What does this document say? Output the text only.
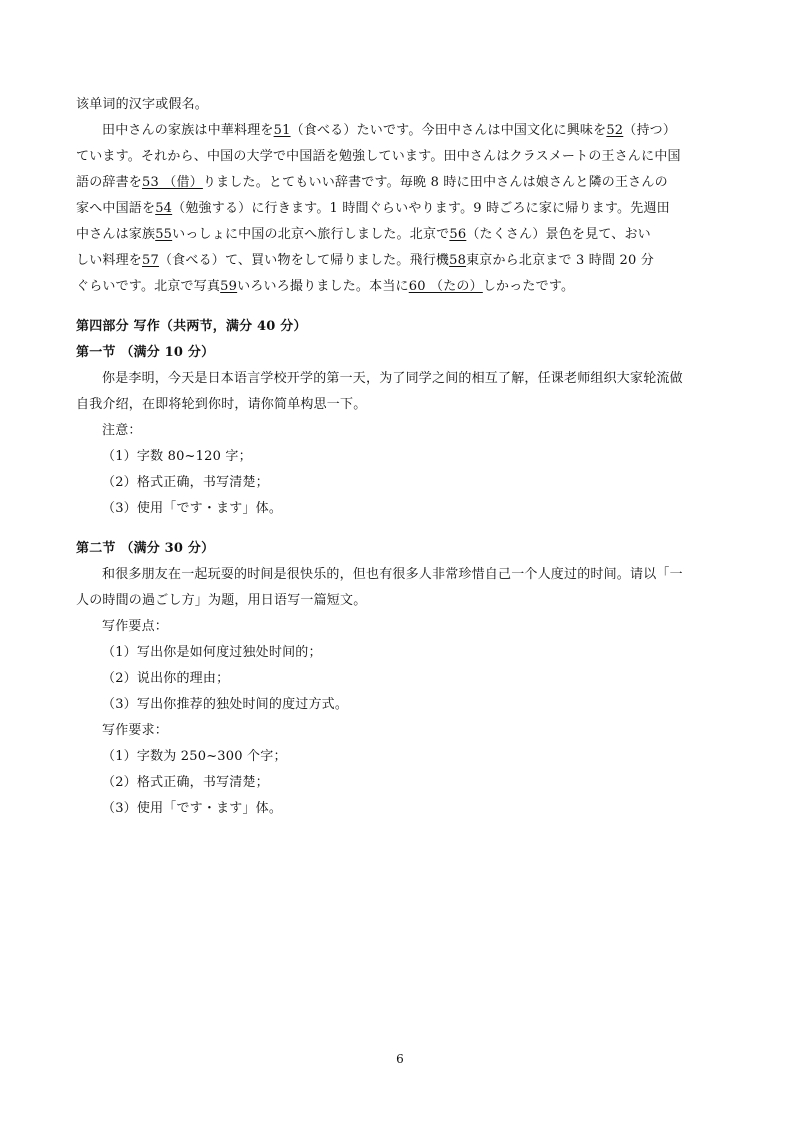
该单词的汉字或假名。
田中さんの家族は中華料理を51（食べる）たいです。今田中さんは中国文化に興味を52（持つ）
ています。それから、中国の大学で中国語を勉強しています。田中さんはクラスメートの王さんに中国
語の辞書を53 （借）りました。とてもいい辞書です。毎晩 8 時に田中さんは娘さんと隣の王さんの
家へ中国語を54（勉強する）に行きます。1 時間ぐらいやります。9 時ごろに家に帰ります。先週田
中さんは家族55いっしょに中国の北京へ旅行しました。北京で56（たくさん）景色を見て、おい
しい料理を57（食べる）て、買い物をして帰りました。飛行機58東京から北京まで 3 時間 20 分
ぐらいです。北京で写真59いろいろ撮りました。本当に60 （たの）しかったです。
第四部分 写作（共两节，满分 40 分）
第一节 （满分 10 分）
你是李明，今天是日本语言学校开学的第一天，为了同学之间的相互了解，任课老师组织大家轮流做
自我介绍，在即将轮到你时，请你简单构思一下。
注意：
（1）字数 80~120 字；
（2）格式正确，书写清楚；
（3）使用「です・ます」体。
第二节 （满分 30 分）
和很多朋友在一起玩耍的时间是很快乐的，但也有很多人非常珍惜自己一个人度过的时间。请以「一
人の時間の過ごし方」为题，用日语写一篇短文。
写作要点：
（1）写出你是如何度过独处时间的；
（2）说出你的理由；
（3）写出你推荐的独处时间的度过方式。
写作要求：
（1）字数为 250~300 个字；
（2）格式正确，书写清楚；
（3）使用「です・ます」体。
6
